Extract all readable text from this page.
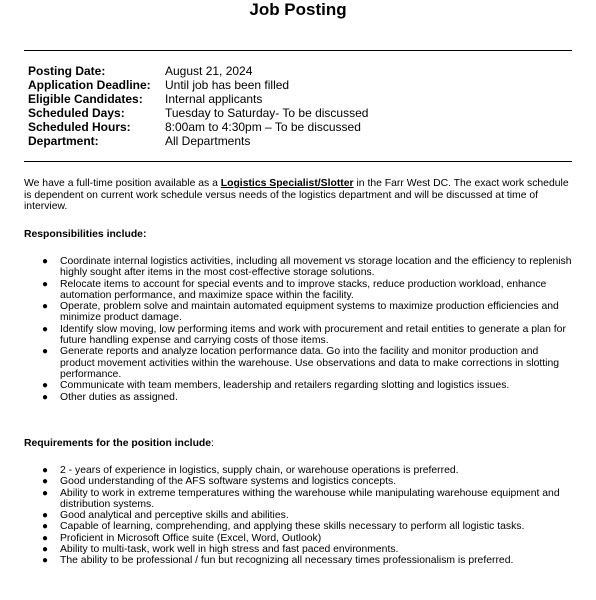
Job Posting
Posting Date:	August 21, 2024
Application Deadline: Until job has been filled
Eligible Candidates: Internal applicants
Scheduled Days:	Tuesday to Saturday- To be discussed
Scheduled Hours:	8:00am to 4:30pm – To be discussed
Department:	All Departments
We have a full-time position available as a Logistics Specialist/Slotter in the Farr West DC. The exact work schedule is dependent on current work schedule versus needs of the logistics department and will be discussed at time of interview.
Responsibilities include:
● Coordinate internal logistics activities, including all movement vs storage location and the efficiency to replenish highly sought after items in the most cost-effective storage solutions.
● Relocate items to account for special events and to improve stacks, reduce production workload, enhance automation performance, and maximize space within the facility.
● Operate, problem solve and maintain automated equipment systems to maximize production efficiencies and minimize product damage.
● Identify slow moving, low performing items and work with procurement and retail entities to generate a plan for future handling expense and carrying costs of those items.
● Generate reports and analyze location performance data. Go into the facility and monitor production and product movement activities within the warehouse. Use observations and data to make corrections in slotting performance.
● Communicate with team members, leadership and retailers regarding slotting and logistics issues.
● Other duties as assigned.
Requirements for the position include:
● 2 - years of experience in logistics, supply chain, or warehouse operations is preferred.
● Good understanding of the AFS software systems and logistics concepts.
● Ability to work in extreme temperatures withing the warehouse while manipulating warehouse equipment and distribution systems.
● Good analytical and perceptive skills and abilities.
● Capable of learning, comprehending, and applying these skills necessary to perform all logistic tasks.
● Proficient in Microsoft Office suite (Excel, Word, Outlook)
● Ability to multi-task, work well in high stress and fast paced environments.
● The ability to be professional / fun but recognizing all necessary times professionalism is preferred.
